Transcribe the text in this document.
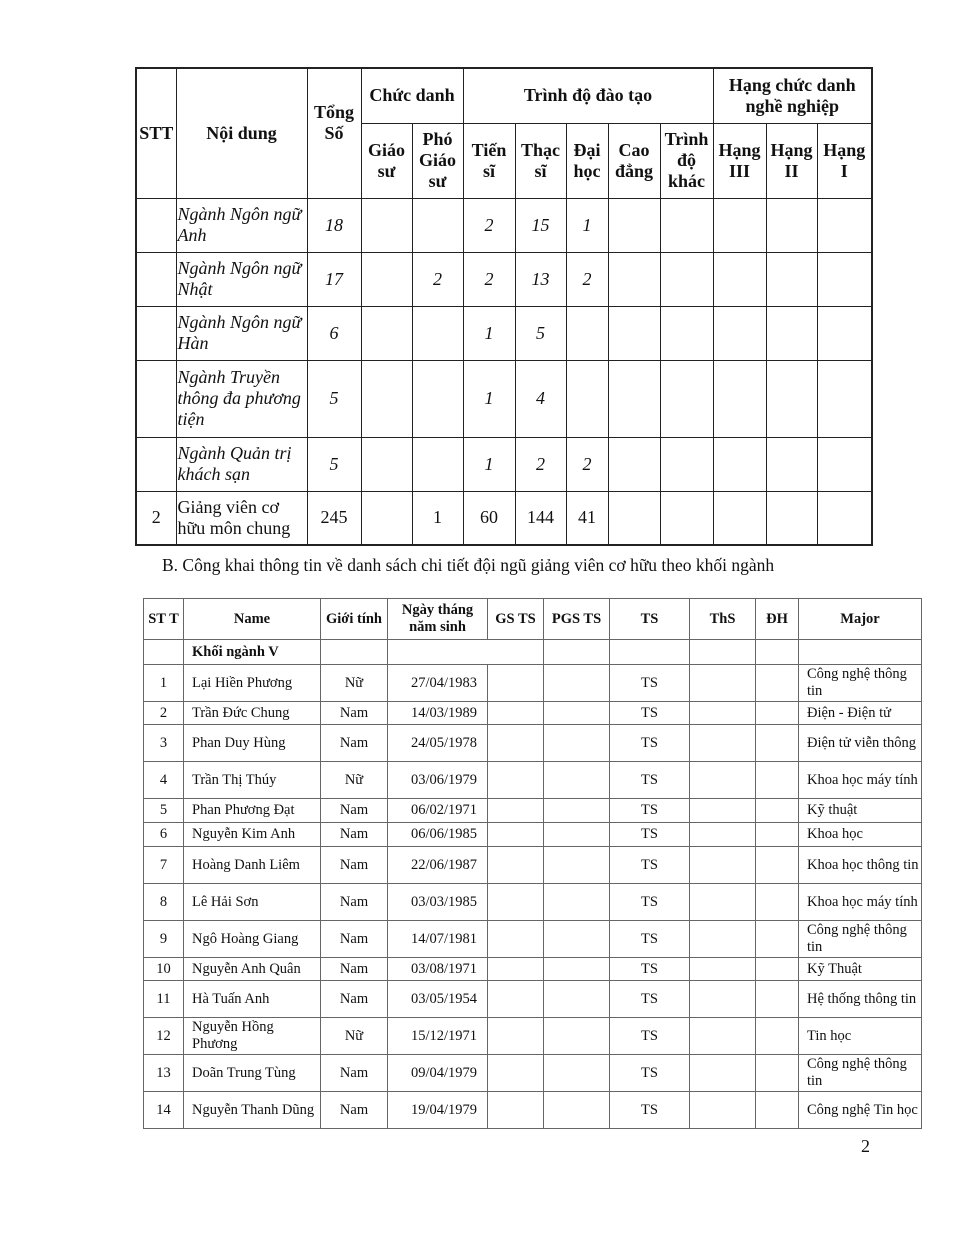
STT	Nội dung	Tổng Số	Chức danh		Trình độ đào tạo					Hạng chức danh nghề nghiệp		
			Giáo sư	Phó Giáo sư	Tiến sĩ	Thạc sĩ	Đại học	Cao đẳng	Trình độ khác	Hạng III	Hạng II	Hạng I
	Ngành Ngôn ngữ Anh	18			2	15	1					
	Ngành Ngôn ngữ Nhật	17		2	2	13	2					
	Ngành Ngôn ngữ Hàn	6			1	5						
	Ngành Truyền thông đa phương tiện	5			1	4						
	Ngành Quản trị khách sạn	5			1	2	2					
2	Giảng viên cơ hữu môn chung	245		1	60	144	41					
B. Công khai thông tin về danh sách chi tiết đội ngũ giảng viên cơ hữu theo khối ngành
ST T	Name	Giới tính	Ngày tháng năm sinh	GS TS	PGS TS	TS	ThS	ĐH	Major
	Khối ngành V								
1	Lại Hiền Phương	Nữ	27/04/1983			TS			Công nghệ thông tin
2	Trần Đức Chung	Nam	14/03/1989			TS			Điện - Điện tử
3	Phan Duy Hùng	Nam	24/05/1978			TS			Điện tử viễn thông
4	Trần Thị Thúy	Nữ	03/06/1979			TS			Khoa học máy tính
5	Phan Phương Đạt	Nam	06/02/1971			TS			Kỹ thuật
6	Nguyễn Kim Anh	Nam	06/06/1985			TS			Khoa học
7	Hoàng Danh Liêm	Nam	22/06/1987			TS			Khoa học thông tin
8	Lê Hải Sơn	Nam	03/03/1985			TS			Khoa học máy tính
9	Ngô Hoàng Giang	Nam	14/07/1981			TS			Công nghệ thông tin
10	Nguyễn Anh Quân	Nam	03/08/1971			TS			Kỹ Thuật
11	Hà Tuấn Anh	Nam	03/05/1954			TS			Hệ thống thông tin
12	Nguyễn Hồng Phương	Nữ	15/12/1971			TS			Tin học
13	Doãn Trung Tùng	Nam	09/04/1979			TS			Công nghệ thông tin
14	Nguyễn Thanh Dũng	Nam	19/04/1979			TS			Công nghệ Tin học
2
